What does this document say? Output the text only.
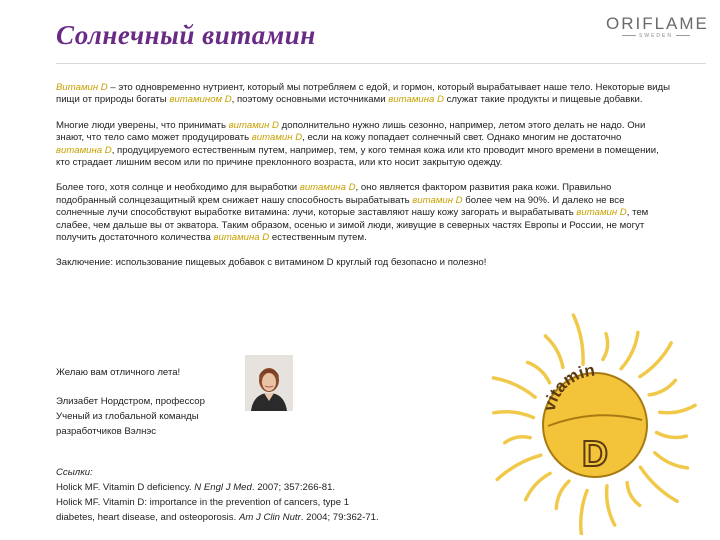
Солнечный витамин	ORIFLAME
SWEDEN

Витамин D – это одновременно нутриент, который мы потребляем с едой, и гормон, который вырабатывает наше тело. Некоторые виды пищи от природы богаты витамином D, поэтому основными источниками витамина D служат такие продукты и пищевые добавки.

Многие люди уверены, что принимать витамин D дополнительно нужно лишь сезонно, например, летом этого делать не надо. Они знают, что тело само может продуцировать витамин D, если на кожу попадает солнечный свет. Однако многим не достаточно витамина D, продуцируемого естественным путем, например, тем, у кого темная кожа или кто проводит много времени в помещении, кто страдает лишним весом или по причине преклонного возраста, или кто носит закрытую одежду.

Более того, хотя солнце и необходимо для выработки витамина D, оно является фактором развития рака кожи. Правильно подобранный солнцезащитный крем снижает нашу способность вырабатывать витамин D более чем на 90%. И далеко не все солнечные лучи способствуют выработке витамина: лучи, которые заставляют нашу кожу загорать и вырабатывать витамин D, тем слабее, чем дальше вы от экватора. Таким образом, осенью и зимой люди, живущие в северных частях Европы и России, не могут получить достаточного количества витамина D естественным путем.

Заключение: использование пищевых добавок с витамином D круглый год безопасно и полезно!

Желаю вам отличного лета!
Элизабет Нордстром, профессор
Ученый из глобальной команды
разработчиков Вэлнэс
Ссылки:
Holick MF. Vitamin D deficiency. N Engl J Med. 2007; 357:266-81.
Holick MF. Vitamin D: importance in the prevention of cancers, type 1
diabetes, heart disease, and osteoporosis. Am J Clin Nutr. 2004; 79:362-71.
vitamin
D
